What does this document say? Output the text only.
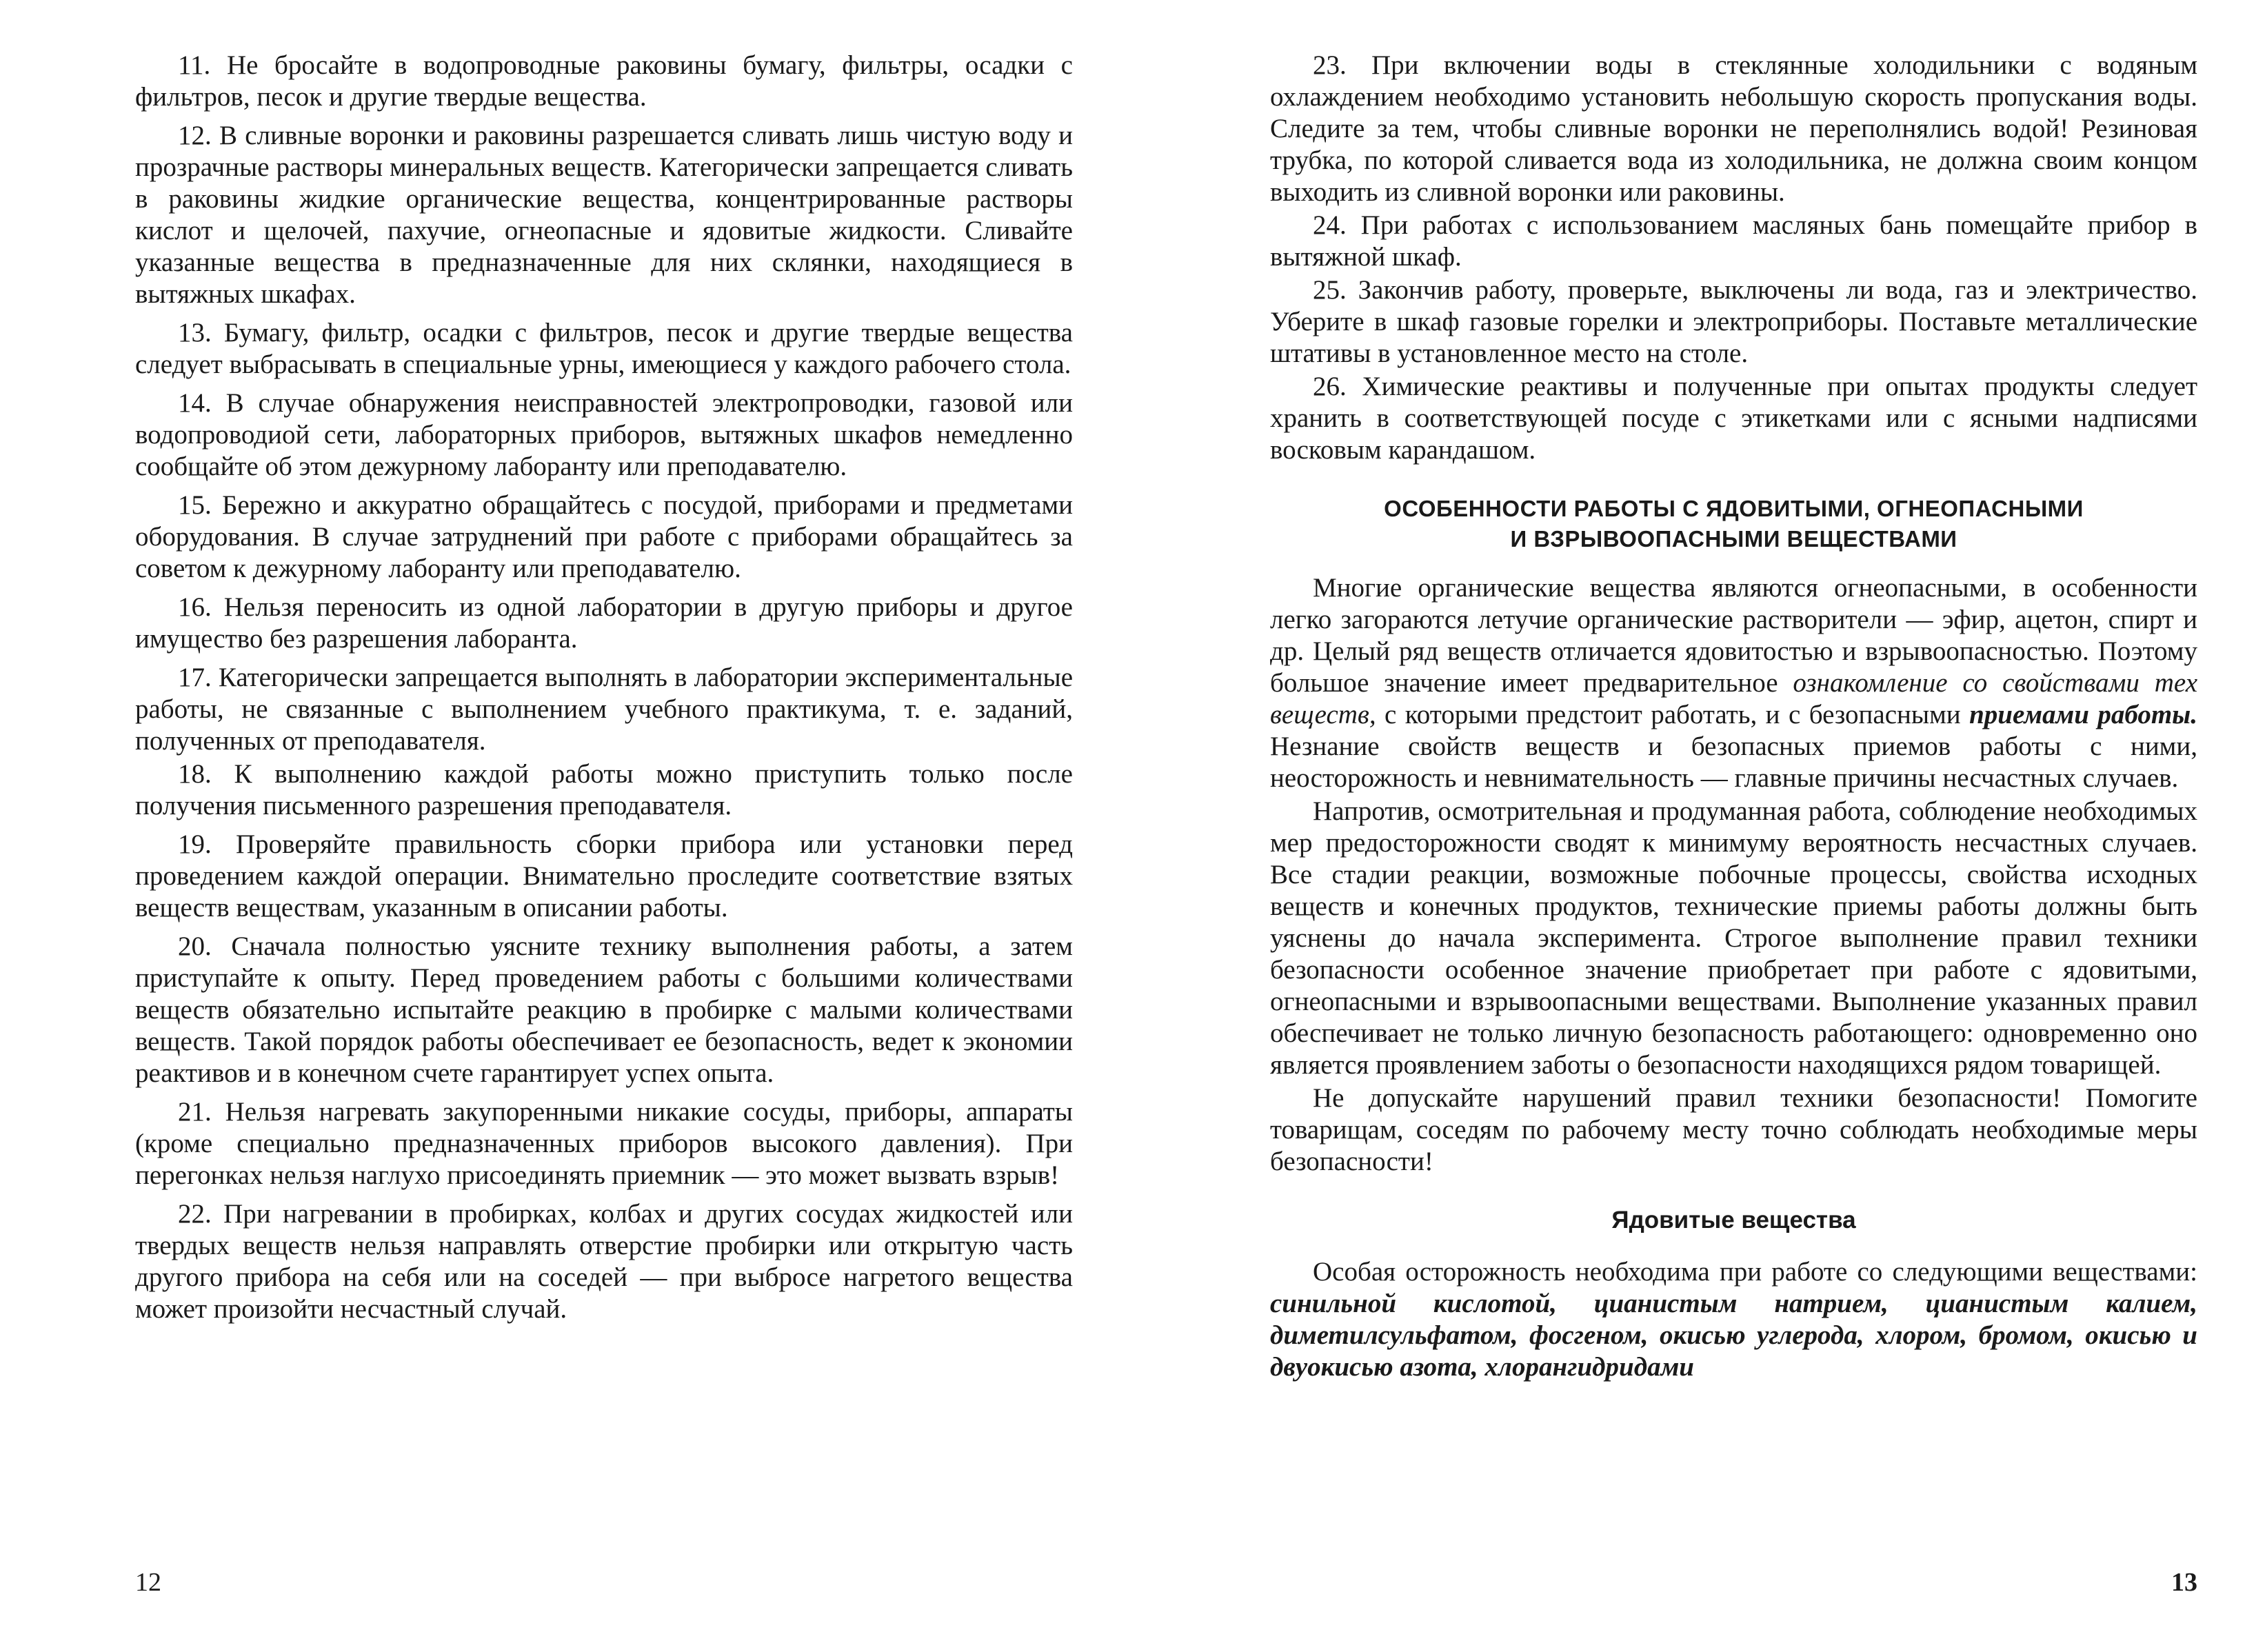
11. Не бросайте в водопроводные раковины бумагу, фильтры, осадки с фильтров, песок и другие твердые вещества.

12. В сливные воронки и раковины разрешается сливать лишь чистую воду и прозрачные растворы минеральных веществ. Категорически запрещается сливать в раковины жидкие органические вещества, концентрированные растворы кислот и щелочей, пахучие, огнеопасные и ядовитые жидкости. Сливайте указанные вещества в предназначенные для них склянки, находящиеся в вытяжных шкафах.

13. Бумагу, фильтр, осадки с фильтров, песок и другие твердые вещества следует выбрасывать в специальные урны, имеющиеся у каждого рабочего стола.

14. В случае обнаружения неисправностей электропроводки, газовой или водопроводиой сети, лабораторных приборов, вытяжных шкафов немедленно сообщайте об этом дежурному лаборанту или преподавателю.

15. Бережно и аккуратно обращайтесь с посудой, приборами и предметами оборудования. В случае затруднений при работе с приборами обращайтесь за советом к дежурному лаборанту или преподавателю.

16. Нельзя переносить из одной лаборатории в другую приборы и другое имущество без разрешения лаборанта.

17. Категорически запрещается выполнять в лаборатории экспериментальные работы, не связанные с выполнением учебного практикума, т. е. заданий, полученных от преподавателя.

18. К выполнению каждой работы можно приступить только после получения письменного разрешения преподавателя.

19. Проверяйте правильность сборки прибора или установки перед проведением каждой операции. Внимательно проследите соответствие взятых веществ веществам, указанным в описании работы.

20. Сначала полностью уясните технику выполнения работы, а затем приступайте к опыту. Перед проведением работы с большими количествами веществ обязательно испытайте реакцию в пробирке с малыми количествами веществ. Такой порядок работы обеспечивает ее безопасность, ведет к экономии реактивов и в конечном счете гарантирует успех опыта.

21. Нельзя нагревать закупоренными никакие сосуды, приборы, аппараты (кроме специально предназначенных приборов высокого давления). При перегонках нельзя наглухо присоединять приемник — это может вызвать взрыв!

22. При нагревании в пробирках, колбах и других сосудах жидкостей или твердых веществ нельзя направлять отверстие пробирки или открытую часть другого прибора на себя или на соседей — при выбросе нагретого вещества может произойти несчастный случай.

12

23. При включении воды в стеклянные холодильники с водяным охлаждением необходимо установить небольшую скорость пропускания воды. Следите за тем, чтобы сливные воронки не переполнялись водой! Резиновая трубка, по которой сливается вода из холодильника, не должна своим концом выходить из сливной воронки или раковины.

24. При работах с использованием масляных бань помещайте прибор в вытяжной шкаф.

25. Закончив работу, проверьте, выключены ли вода, газ и электричество. Уберите в шкаф газовые горелки и электроприборы. Поставьте металлические штативы в установленное место на столе.

26. Химические реактивы и полученные при опытах продукты следует хранить в соответствующей посуде с этикетками или с ясными надписями восковым карандашом.

ОСОБЕННОСТИ РАБОТЫ С ЯДОВИТЫМИ, ОГНЕОПАСНЫМИ
И ВЗРЫВООПАСНЫМИ ВЕЩЕСТВАМИ

Многие органические вещества являются огнеопасными, в особенности легко загораются летучие органические растворители — эфир, ацетон, спирт и др. Целый ряд веществ отличается ядовитостью и взрывоопасностью. Поэтому большое значение имеет предварительное ознакомление со свойствами тех веществ, с которыми предстоит работать, и с безопасными приемами работы. Незнание свойств веществ и безопасных приемов работы с ними, неосторожность и невнимательность — главные причины несчастных случаев.

Напротив, осмотрительная и продуманная работа, соблюдение необходимых мер предосторожности сводят к минимуму вероятность несчастных случаев. Все стадии реакции, возможные побочные процессы, свойства исходных веществ и конечных продуктов, технические приемы работы должны быть уяснены до начала эксперимента. Строгое выполнение правил техники безопасности особенное значение приобретает при работе с ядовитыми, огнеопасными и взрывоопасными веществами. Выполнение указанных правил обеспечивает не только личную безопасность работающего: одновременно оно является проявлением заботы о безопасности находящихся рядом товарищей.

Не допускайте нарушений правил техники безопасности! Помогите товарищам, соседям по рабочему месту точно соблюдать необходимые меры безопасности!

Ядовитые вещества

Особая осторожность необходима при работе со следующими веществами: синильной кислотой, цианистым натрием, цианистым калием, диметилсульфатом, фосгеном, окисью углерода, хлором, бромом, окисью и двуокисью азота, хлорангидридами

13
